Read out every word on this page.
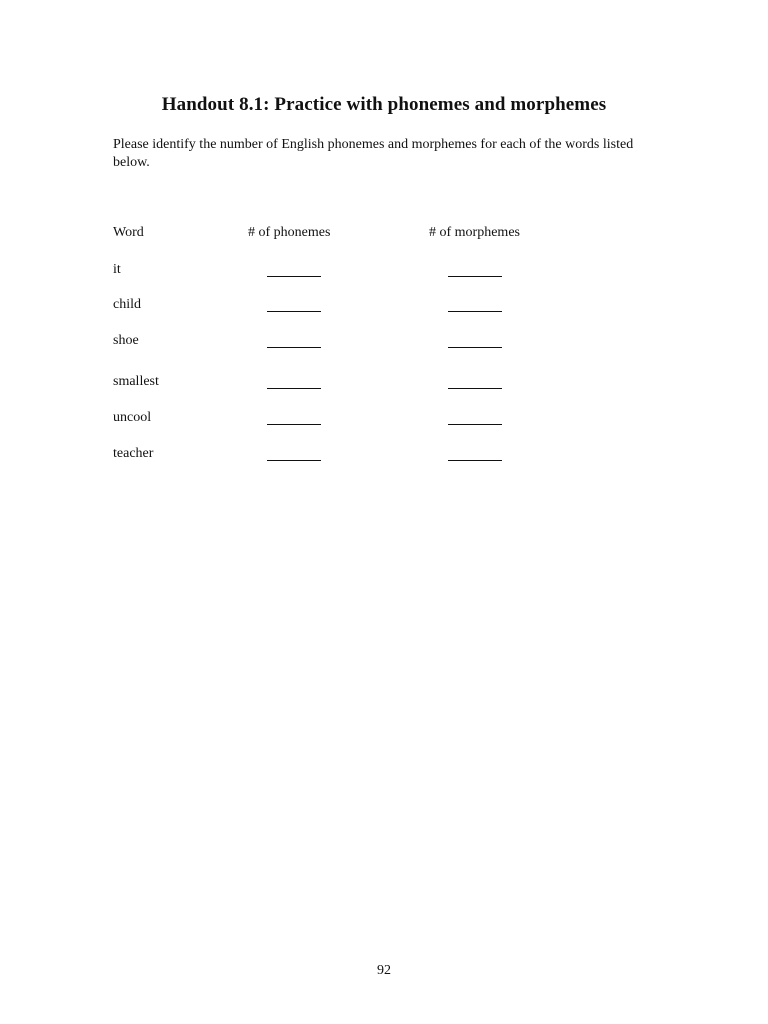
Handout 8.1: Practice with phonemes and morphemes
Please identify the number of English phonemes and morphemes for each of the words listed below.
Word	# of phonemes	# of morphemes
it
child
shoe
smallest
uncool
teacher
92
